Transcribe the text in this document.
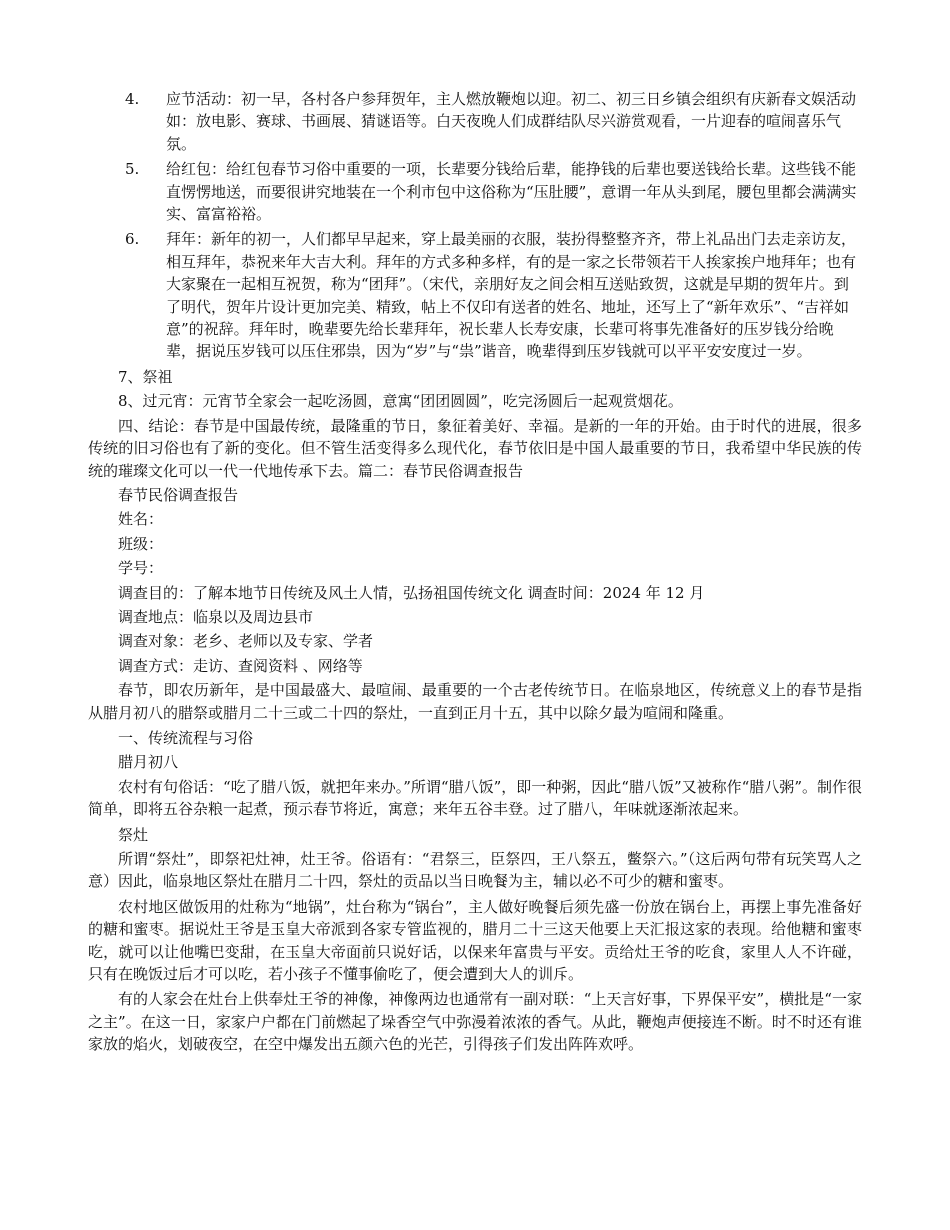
4.	应节活动：初一早，各村各户参拜贺年，主人燃放鞭炮以迎。初二、初三日乡镇会组织有庆新春文娱活动如：放电影、赛球、书画展、猜谜语等。白天夜晚人们成群结队尽兴游赏观看，一片迎春的喧闹喜乐气氛。
5.	给红包：给红包春节习俗中重要的一项，长辈要分钱给后辈，能挣钱的后辈也要送钱给长辈。这些钱不能直愣愣地送，而要很讲究地装在一个利市包中这俗称为“压肚腰”，意谓一年从头到尾，腰包里都会满满实实、富富裕裕。
6.	拜年：新年的初一，人们都早早起来，穿上最美丽的衣服，装扮得整整齐齐，带上礼品出门去走亲访友，相互拜年，恭祝来年大吉大利。拜年的方式多种多样，有的是一家之长带领若干人挨家挨户地拜年；也有大家聚在一起相互祝贺，称为“团拜”。（宋代，亲朋好友之间会相互送贴致贺，这就是早期的贺年片。到了明代，贺年片设计更加完美、精致，帖上不仅印有送者的姓名、地址，还写上了“新年欢乐”、“吉祥如意”的祝辞。拜年时，晚辈要先给长辈拜年，祝长辈人长寿安康，长辈可将事先准备好的压岁钱分给晚辈，据说压岁钱可以压住邪祟，因为“岁”与“祟”谐音，晚辈得到压岁钱就可以平平安安度过一岁。

7、祭祖

8、过元宵：元宵节全家会一起吃汤圆，意寓“团团圆圆”，吃完汤圆后一起观赏烟花。

四、结论：春节是中国最传统，最隆重的节日，象征着美好、幸福。是新的一年的开始。由于时代的进展，很多传统的旧习俗也有了新的变化。但不管生活变得多么现代化，春节依旧是中国人最重要的节日，我希望中华民族的传统的璀璨文化可以一代一代地传承下去。篇二：春节民俗调查报告

春节民俗调查报告

姓名：

班级：

学号：

调查目的：了解本地节日传统及风土人情，弘扬祖国传统文化 调查时间：2024 年 12 月

调查地点：临泉以及周边县市

调查对象：老乡、老师以及专家、学者

调查方式：走访、查阅资料 、网络等

春节，即农历新年，是中国最盛大、最喧闹、最重要的一个古老传统节日。在临泉地区，传统意义上的春节是指从腊月初八的腊祭或腊月二十三或二十四的祭灶，一直到正月十五，其中以除夕最为喧闹和隆重。

一、传统流程与习俗

腊月初八

农村有句俗话：“吃了腊八饭，就把年来办。”所谓“腊八饭”，即一种粥，因此“腊八饭”又被称作“腊八粥”。制作很简单，即将五谷杂粮一起煮，预示春节将近，寓意；来年五谷丰登。过了腊八，年味就逐渐浓起来。

祭灶

所谓“祭灶”，即祭祀灶神，灶王爷。俗语有：“君祭三，臣祭四，王八祭五，鳖祭六。”（这后两句带有玩笑骂人之意）因此，临泉地区祭灶在腊月二十四，祭灶的贡品以当日晚餐为主，辅以必不可少的糖和蜜枣。

农村地区做饭用的灶称为“地锅”，灶台称为“锅台”，主人做好晚餐后须先盛一份放在锅台上，再摆上事先准备好的糖和蜜枣。据说灶王爷是玉皇大帝派到各家专管监视的，腊月二十三这天他要上天汇报这家的表现。给他糖和蜜枣吃，就可以让他嘴巴变甜，在玉皇大帝面前只说好话，以保来年富贵与平安。贡给灶王爷的吃食，家里人人不许碰，只有在晚饭过后才可以吃，若小孩子不懂事偷吃了，便会遭到大人的训斥。

有的人家会在灶台上供奉灶王爷的神像，神像两边也通常有一副对联：“上天言好事，下界保平安”，横批是“一家之主”。在这一日，家家户户都在门前燃起了垛香空气中弥漫着浓浓的香气。从此，鞭炮声便接连不断。时不时还有谁家放的焰火，划破夜空，在空中爆发出五颜六色的光芒，引得孩子们发出阵阵欢呼。
